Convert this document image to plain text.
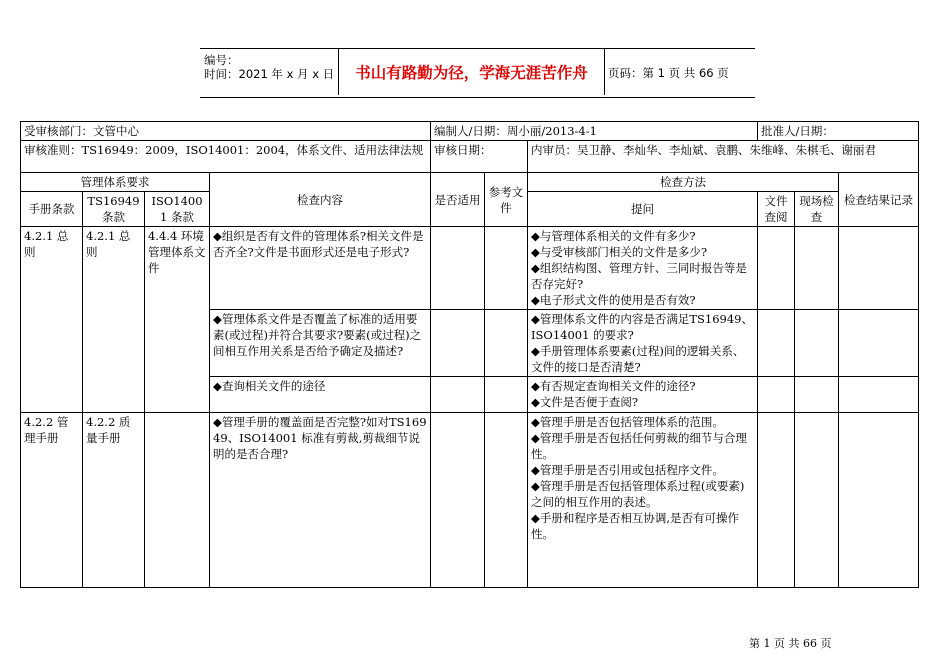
编号：
时间：2021 年 x 月 x 日	书山有路勤为径，学海无涯苦作舟	页码：第 1 页 共 66 页
受审核部门：文管中心				编制人/日期：周小丽/2013-4-1			批准人/日期：		
审核准则：TS16949：2009，ISO14001：2004，体系文件、适用法律法规				审核日期：		内审员：吴卫静、李灿华、李灿斌、袁鹏、朱维峰、朱棋毛、谢丽君			
管理体系要求			检查内容	是否适用	参考文件	检查方法			检查结果记录
手册条款	TS16949 条款	ISO14001 条款				提问	文件查阅	现场检查	
4.2.1 总则	4.2.1 总则	4.4.4 环境管理体系文件	◆组织是否有文件的管理体系?相关文件是否齐全?文件是书面形式还是电子形式?			◆与管理体系相关的文件有多少?
◆与受审核部门相关的文件是多少?
◆组织结构图、管理方针、三同时报告等是否存完好?
◆电子形式文件的使用是否有效?			

			◆管理体系文件是否覆盖了标准的适用要素(或过程)并符合其要求?要素(或过程)之间相互作用关系是否给予确定及描述?			◆管理体系文件的内容是否满足TS16949、ISO14001 的要求?
◆手册管理体系要素(过程)间的逻辑关系、文件的接口是否清楚?			

			◆查询相关文件的途径			◆有否规定查询相关文件的途径?
◆文件是否便于查阅?			

4.2.2 管理手册	4.2.2 质量手册		◆管理手册的覆盖面是否完整?如对TS16949、ISO14001 标准有剪裁,剪裁细节说明的是否合理?			◆管理手册是否包括管理体系的范围。
◆管理手册是否包括任何剪裁的细节与合理性。
◆管理手册是否引用或包括程序文件。
◆管理手册是否包括管理体系过程(或要素)之间的相互作用的表述。
◆手册和程序是否相互协调,是否有可操作性。			

第 1 页 共 66 页
